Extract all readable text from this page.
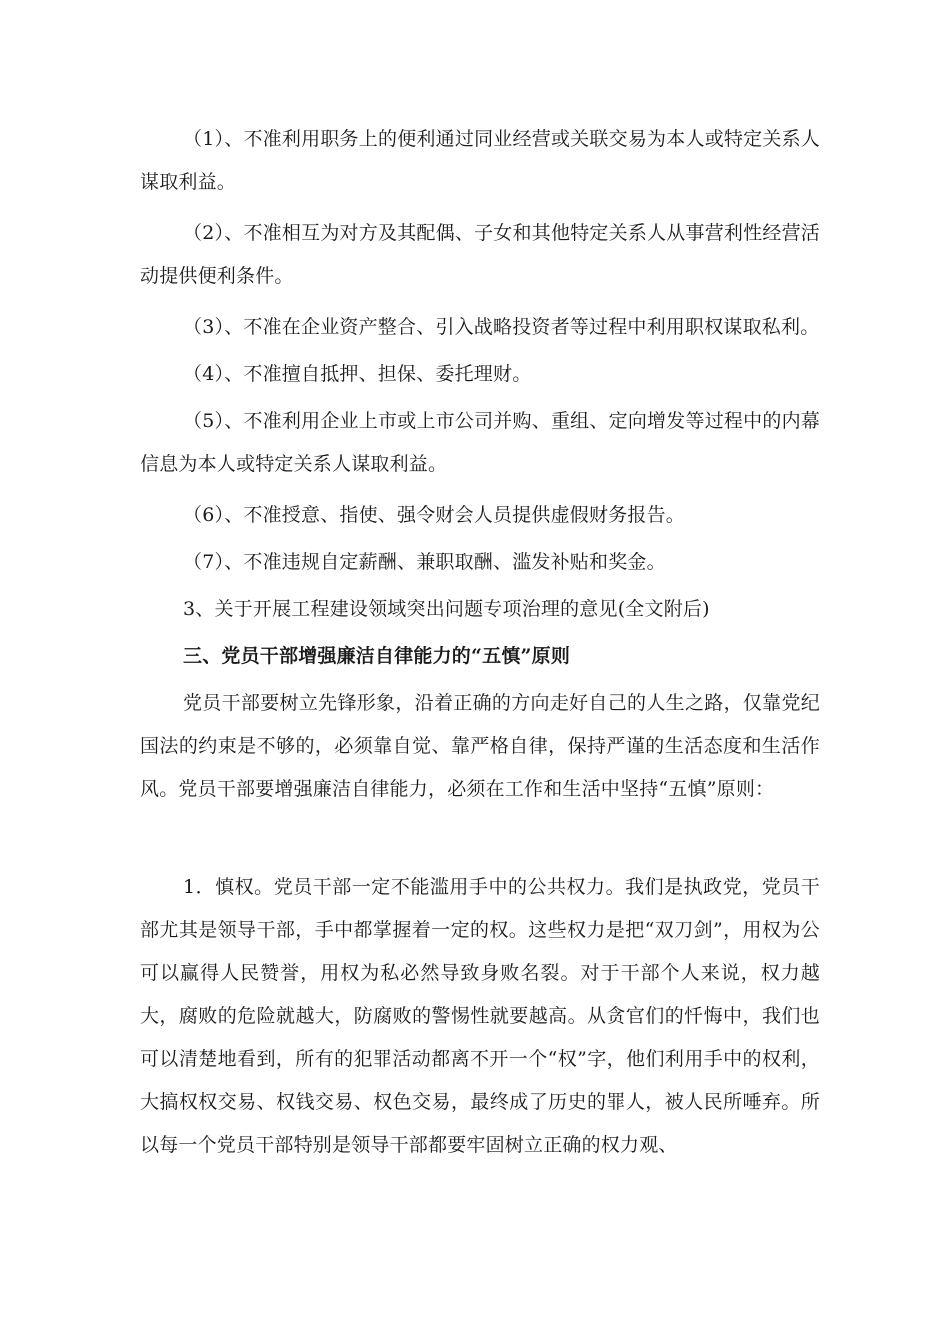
（1）、不准利用职务上的便利通过同业经营或关联交易为本人或特定关系人谋取利益。

（2）、不准相互为对方及其配偶、子女和其他特定关系人从事营利性经营活动提供便利条件。

（3）、不准在企业资产整合、引入战略投资者等过程中利用职权谋取私利。

（4）、不准擅自抵押、担保、委托理财。

（5）、不准利用企业上市或上市公司并购、重组、定向增发等过程中的内幕信息为本人或特定关系人谋取利益。

（6）、不准授意、指使、强令财会人员提供虚假财务报告。

（7）、不准违规自定薪酬、兼职取酬、滥发补贴和奖金。

3、关于开展工程建设领域突出问题专项治理的意见(全文附后)

三、党员干部增强廉洁自律能力的“五慎”原则

党员干部要树立先锋形象，沿着正确的方向走好自己的人生之路，仅靠党纪国法的约束是不够的，必须靠自觉、靠严格自律，保持严谨的生活态度和生活作风。党员干部要增强廉洁自律能力，必须在工作和生活中坚持“五慎”原则：

1．慎权。党员干部一定不能滥用手中的公共权力。我们是执政党，党员干部尤其是领导干部，手中都掌握着一定的权。这些权力是把“双刀剑”，用权为公可以赢得人民赞誉，用权为私必然导致身败名裂。对于干部个人来说，权力越大，腐败的危险就越大，防腐败的警惕性就要越高。从贪官们的忏悔中，我们也可以清楚地看到，所有的犯罪活动都离不开一个“权”字，他们利用手中的权利，大搞权权交易、权钱交易、权色交易，最终成了历史的罪人，被人民所唾弃。所以每一个党员干部特别是领导干部都要牢固树立正确的权力观、
